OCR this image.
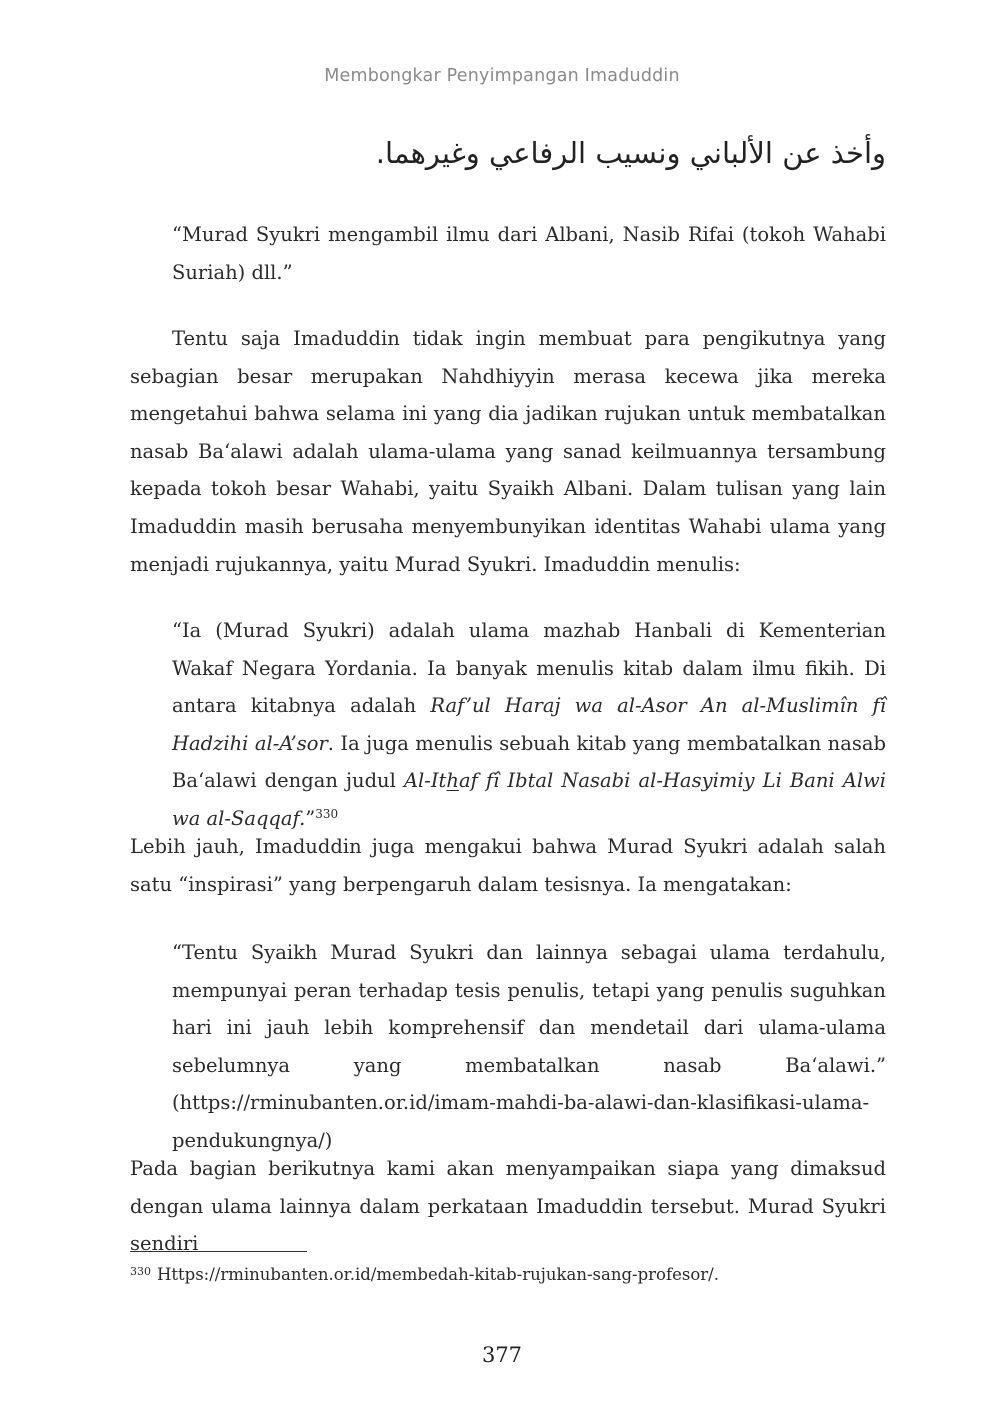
Membongkar Penyimpangan Imaduddin
وأخذ عن الألباني ونسيب الرفاعي وغيرهما.

“Murad Syukri mengambil ilmu dari Albani, Nasib Rifai (tokoh Wahabi Suriah) dll.”

Tentu saja Imaduddin tidak ingin membuat para pengikutnya yang sebagian besar merupakan Nahdhiyyin merasa kecewa jika mereka mengetahui bahwa selama ini yang dia jadikan rujukan untuk membatalkan nasab Ba‘alawi adalah ulama-ulama yang sanad keilmuannya tersambung kepada tokoh besar Wahabi, yaitu Syaikh Albani. Dalam tulisan yang lain Imaduddin masih berusaha menyembunyikan identitas Wahabi ulama yang menjadi rujukannya, yaitu Murad Syukri. Imaduddin menulis:

“Ia (Murad Syukri) adalah ulama mazhab Hanbali di Kementerian Wakaf Negara Yordania. Ia banyak menulis kitab dalam ilmu fikih. Di antara kitabnya adalah Raf’ul Haraj wa al-Asor An al-Muslimîn fî Hadzihi al-A’sor. Ia juga menulis sebuah kitab yang membatalkan nasab Ba‘alawi dengan judul Al-Ithaf fî Ibtal Nasabi al-Hasyimiy Li Bani Alwi wa al-Saqqaf.”$^{330}$

Lebih jauh, Imaduddin juga mengakui bahwa Murad Syukri adalah salah satu “inspirasi” yang berpengaruh dalam tesisnya. Ia mengatakan:

“Tentu Syaikh Murad Syukri dan lainnya sebagai ulama terdahulu, mempunyai peran terhadap tesis penulis, tetapi yang penulis suguhkan hari ini jauh lebih komprehensif dan mendetail dari ulama-ulama sebelumnya yang membatalkan nasab Ba‘alawi.” (https://rminubanten.or.id/imam-mahdi-ba-alawi-dan-klasifikasi-ulama-pendukungnya/)

Pada bagian berikutnya kami akan menyampaikan siapa yang dimaksud dengan ulama lainnya dalam perkataan Imaduddin tersebut. Murad Syukri sendiri

$^{330}$ Https://rminubanten.or.id/membedah-kitab-rujukan-sang-profesor/.
377
